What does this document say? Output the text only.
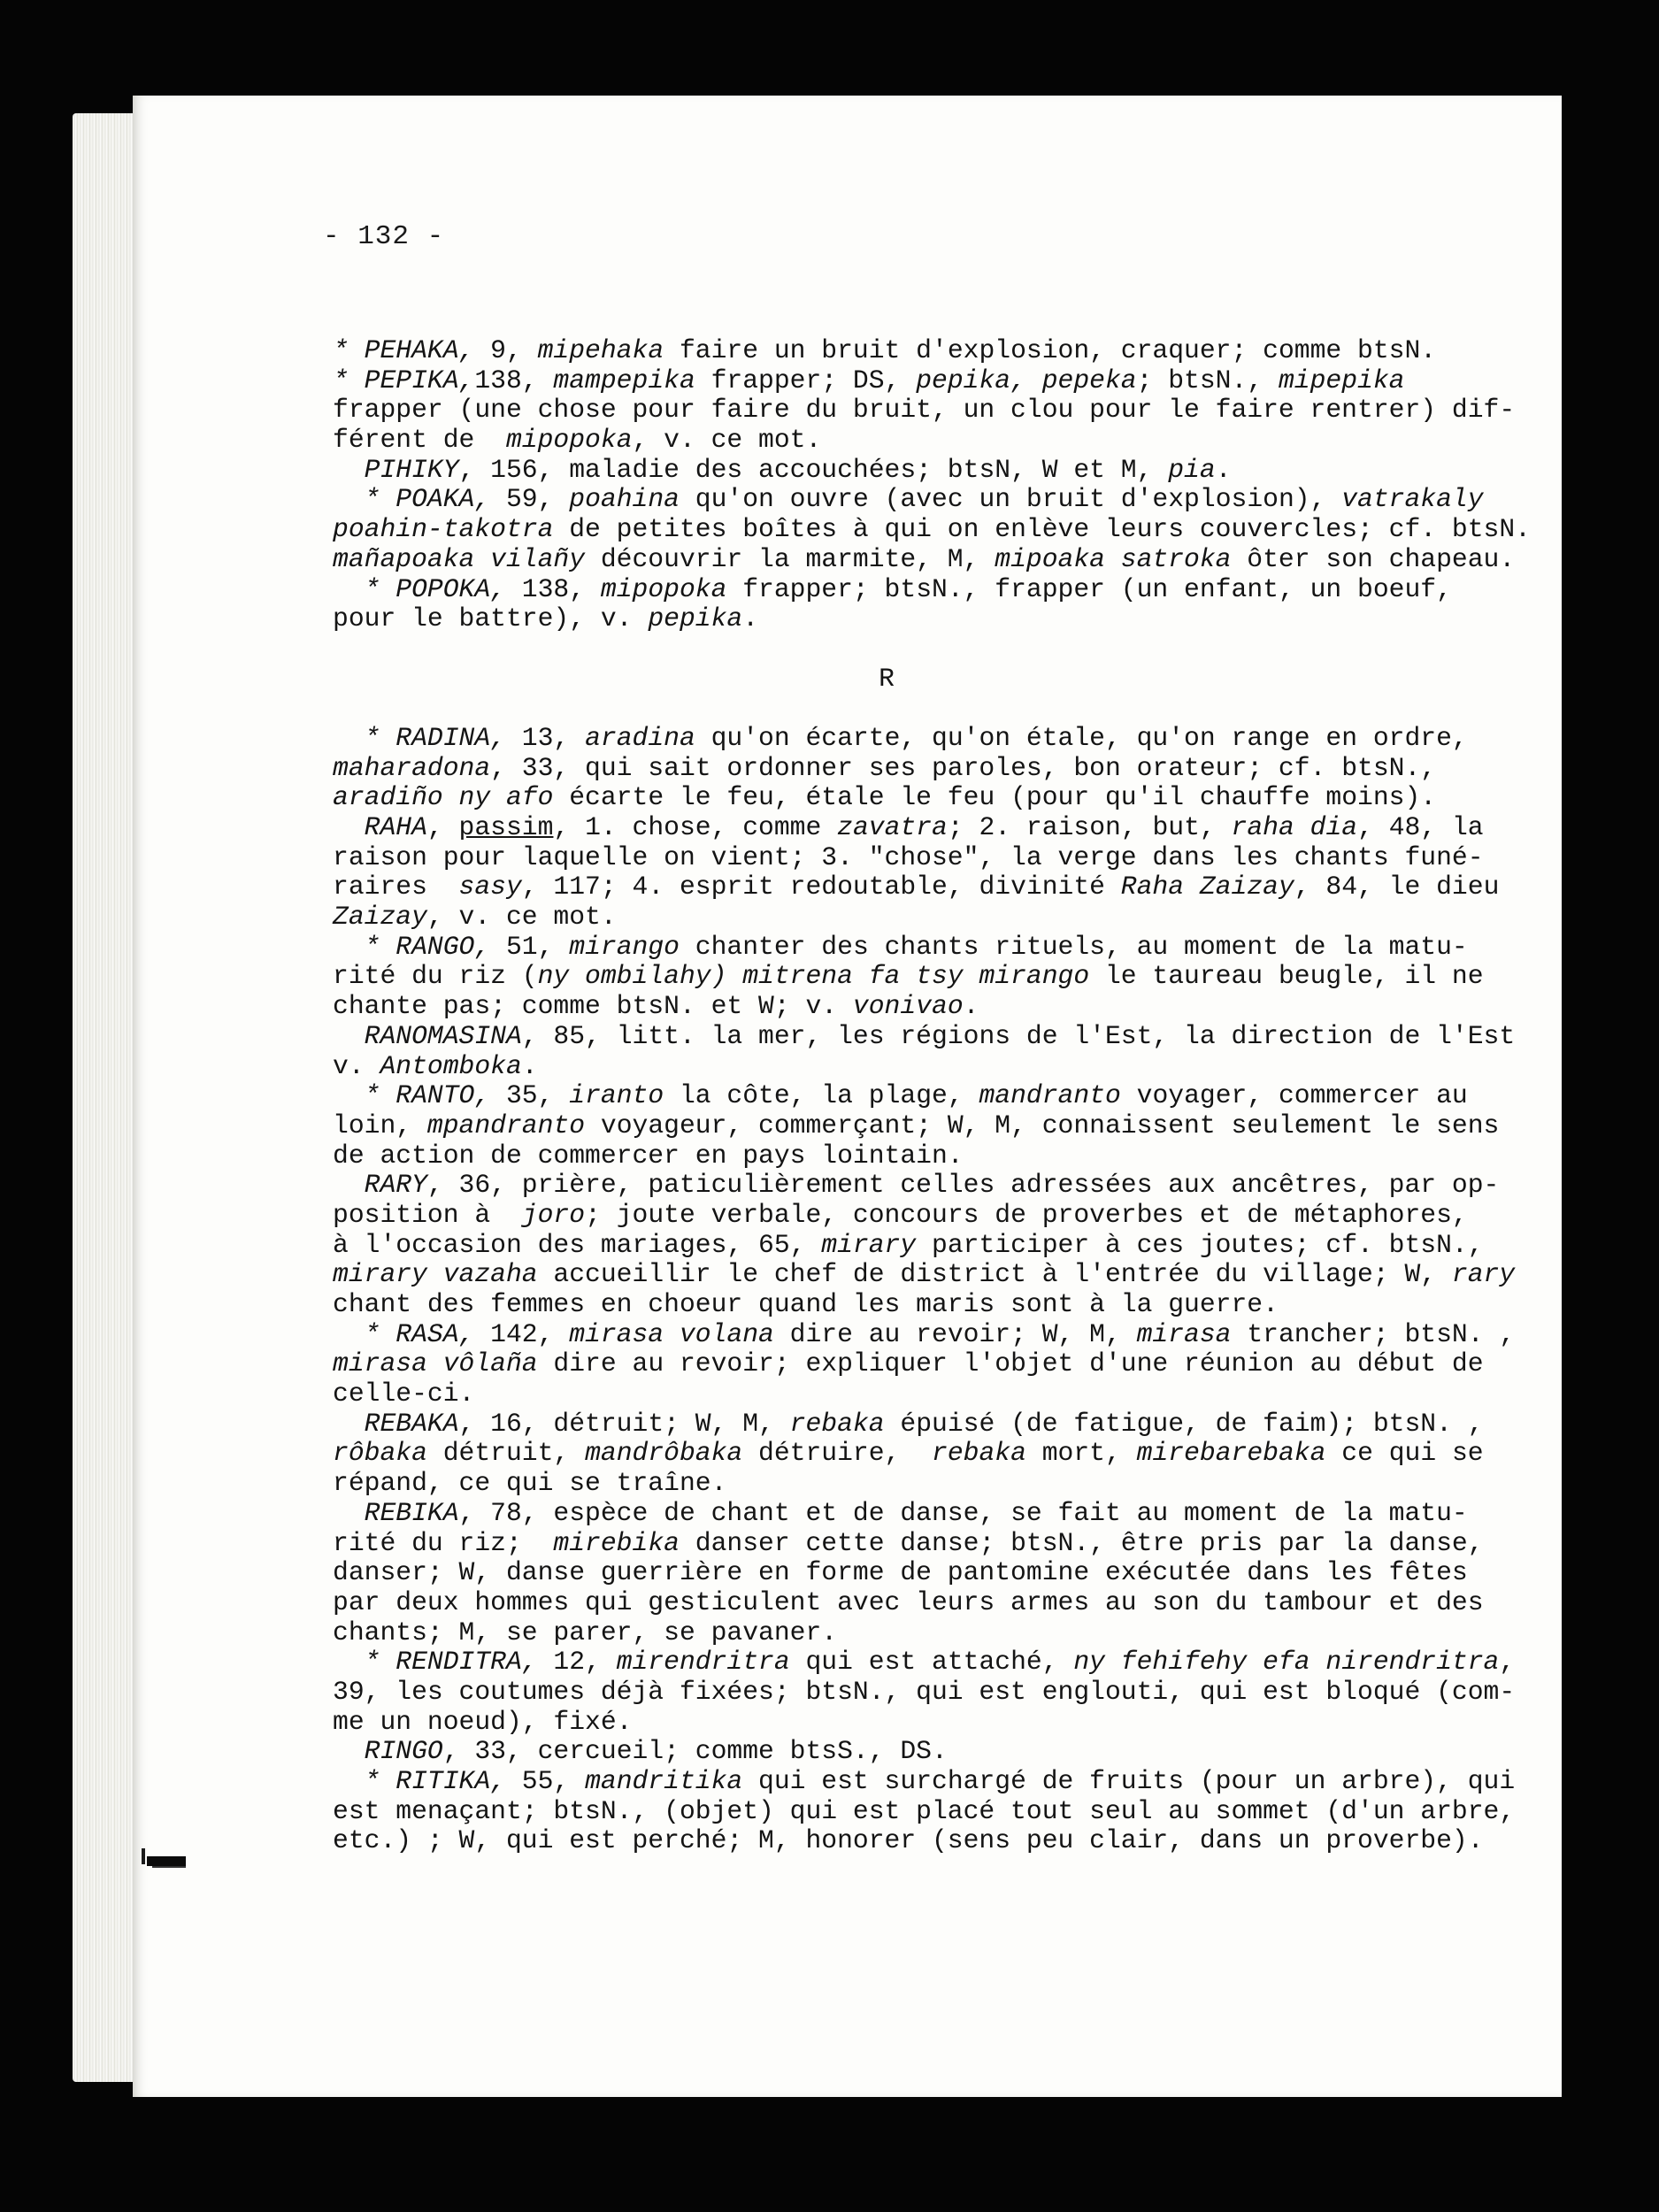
- 132 -
* PEHAKA, 9, mipehaka faire un bruit d'explosion, craquer; comme btsN.
* PEPIKA,138, mampepika frapper; DS, pepika, pepeka; btsN., mipepika
frapper (une chose pour faire du bruit, un clou pour le faire rentrer) dif-
férent de  mipopoka, v. ce mot.
PIHIKY, 156, maladie des accouchées; btsN, W et M, pia.
* POAKA, 59, poahina qu'on ouvre (avec un bruit d'explosion), vatrakaly
poahin-takotra de petites boîtes à qui on enlève leurs couvercles; cf. btsN.
mañapoaka vilañy découvrir la marmite, M, mipoaka satroka ôter son chapeau.
* POPOKA, 138, mipopoka frapper; btsN., frapper (un enfant, un boeuf,
pour le battre), v. pepika.
R
* RADINA, 13, aradina qu'on écarte, qu'on étale, qu'on range en ordre,
maharadona, 33, qui sait ordonner ses paroles, bon orateur; cf. btsN.,
aradiño ny afo écarte le feu, étale le feu (pour qu'il chauffe moins).
RAHA, passim, 1. chose, comme zavatra; 2. raison, but, raha dia, 48, la
raison pour laquelle on vient; 3. "chose", la verge dans les chants funé-
raires  sasy, 117; 4. esprit redoutable, divinité Raha Zaizay, 84, le dieu
Zaizay, v. ce mot.
* RANGO, 51, mirango chanter des chants rituels, au moment de la matu-
rité du riz (ny ombilahy) mitrena fa tsy mirango le taureau beugle, il ne
chante pas; comme btsN. et W; v. vonivao.
RANOMASINA, 85, litt. la mer, les régions de l'Est, la direction de l'Est
v. Antomboka.
* RANTO, 35, iranto la côte, la plage, mandranto voyager, commercer au
loin, mpandranto voyageur, commerçant; W, M, connaissent seulement le sens
de action de commercer en pays lointain.
RARY, 36, prière, paticulièrement celles adressées aux ancêtres, par op-
position à  joro; joute verbale, concours de proverbes et de métaphores,
à l'occasion des mariages, 65, mirary participer à ces joutes; cf. btsN.,
mirary vazaha accueillir le chef de district à l'entrée du village; W, rary
chant des femmes en choeur quand les maris sont à la guerre.
* RASA, 142, mirasa volana dire au revoir; W, M, mirasa trancher; btsN. ,
mirasa vôlaña dire au revoir; expliquer l'objet d'une réunion au début de
celle-ci.
REBAKA, 16, détruit; W, M, rebaka épuisé (de fatigue, de faim); btsN. ,
rôbaka détruit, mandrôbaka détruire,  rebaka mort, mirebarebaka ce qui se
répand, ce qui se traîne.
REBIKA, 78, espèce de chant et de danse, se fait au moment de la matu-
rité du riz;  mirebika danser cette danse; btsN., être pris par la danse,
danser; W, danse guerrière en forme de pantomine exécutée dans les fêtes
par deux hommes qui gesticulent avec leurs armes au son du tambour et des
chants; M, se parer, se pavaner.
* RENDITRA, 12, mirendritra qui est attaché, ny fehifehy efa nirendritra,
39, les coutumes déjà fixées; btsN., qui est englouti, qui est bloqué (com-
me un noeud), fixé.
RINGO, 33, cercueil; comme btsS., DS.
* RITIKA, 55, mandritika qui est surchargé de fruits (pour un arbre), qui
est menaçant; btsN., (objet) qui est placé tout seul au sommet (d'un arbre,
etc.) ; W, qui est perché; M, honorer (sens peu clair, dans un proverbe).
